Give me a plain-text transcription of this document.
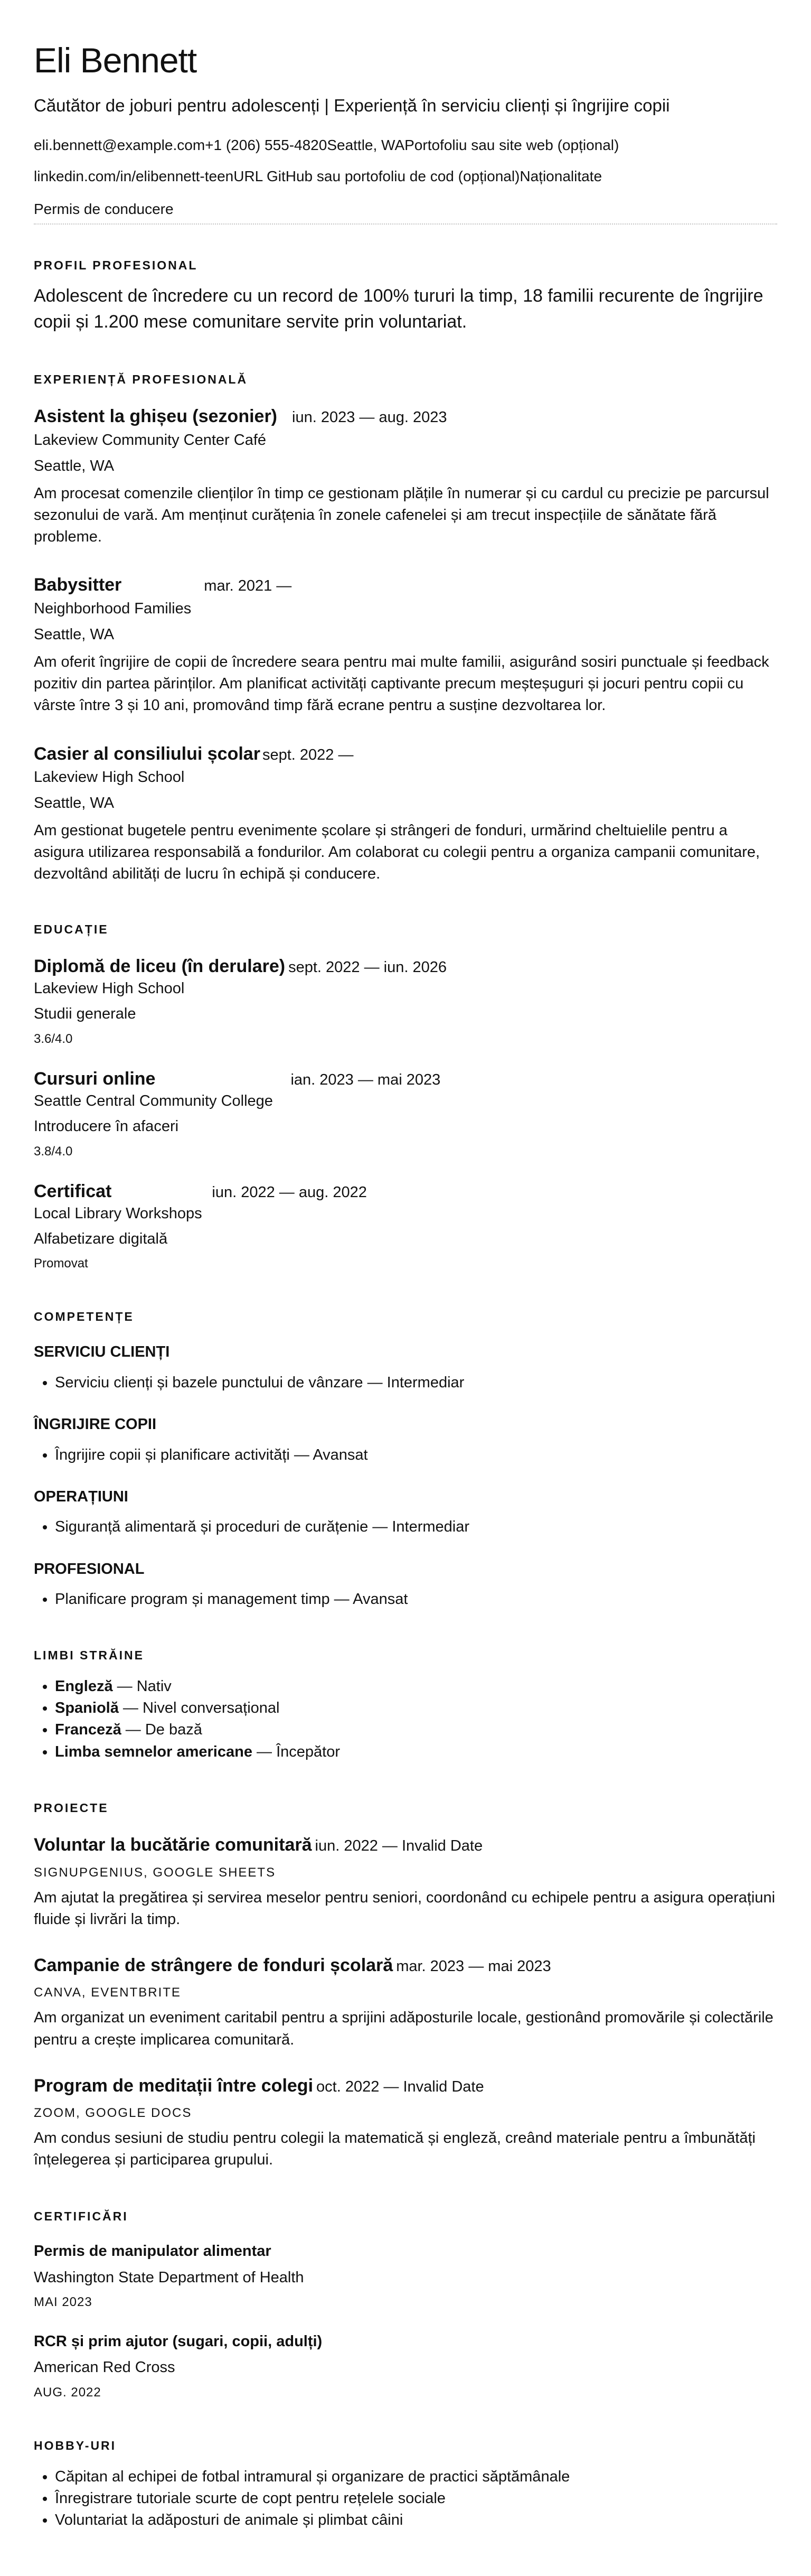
Eli Bennett

Căutător de joburi pentru adolescenți | Experiență în serviciu clienți și îngrijire copii

eli.bennett@example.com+1 (206) 555-4820Seattle, WAPortofoliu sau site web (opțional)

linkedin.com/in/elibennett-teenURL GitHub sau portofoliu de cod (opțional)Naționalitate

Permis de conducere

PROFIL PROFESIONAL

Adolescent de încredere cu un record de 100% tururi la timp, 18 familii recurente de îngrijire copii și 1.200 mese comunitare servite prin voluntariat.

EXPERIENȚĂ PROFESIONALĂ
Asistent la ghișeu (sezonier) iun. 2023 — aug. 2023

Lakeview Community Center Café

Seattle, WA

Am procesat comenzile clienților în timp ce gestionam plățile în numerar și cu cardul cu precizie pe parcursul sezonului de vară. Am menținut curățenia în zonele cafenelei și am trecut inspecțiile de sănătate fără probleme.

Babysitter	mar. 2021 —

Neighborhood Families

Seattle, WA

Am oferit îngrijire de copii de încredere seara pentru mai multe familii, asigurând sosiri punctuale și feedback pozitiv din partea părinților. Am planificat activități captivante precum meșteșuguri și jocuri pentru copii cu vârste între 3 și 10 ani, promovând timp fără ecrane pentru a susține dezvoltarea lor.

Casier al consiliului școlar sept. 2022 —

Lakeview High School

Seattle, WA

Am gestionat bugetele pentru evenimente școlare și strângeri de fonduri, urmărind cheltuielile pentru a asigura utilizarea responsabilă a fondurilor. Am colaborat cu colegii pentru a organiza campanii comunitare, dezvoltând abilități de lucru în echipă și conducere.

EDUCAȚIE
Diplomă de liceu (în derulare) sept. 2022 — iun. 2026

Lakeview High School

Studii generale

3.6/4.0

Cursuri online	ian. 2023 — mai 2023

Seattle Central Community College

Introducere în afaceri

3.8/4.0

Certificat	iun. 2022 — aug. 2022

Local Library Workshops

Alfabetizare digitală

Promovat

COMPETENȚE

SERVICIU CLIENȚI

• Serviciu clienți și bazele punctului de vânzare — Intermediar

ÎNGRIJIRE COPII

• Îngrijire copii și planificare activități — Avansat

OPERAȚIUNI

• Siguranță alimentară și proceduri de curățenie — Intermediar

PROFESIONAL

• Planificare program și management timp — Avansat
LIMBI STRĂINE
• Engleză — Nativ
• Spaniolă — Nivel conversațional
• Franceză — De bază
• Limba semnelor americane — Începător
PROIECTE
Voluntar la bucătărie comunitară iun. 2022 — Invalid Date

SIGNUPGENIUS, GOOGLE SHEETS

Am ajutat la pregătirea și servirea meselor pentru seniori, coordonând cu echipele pentru a asigura operațiuni fluide și livrări la timp.

Campanie de strângere de fonduri școlară mar. 2023 — mai 2023

CANVA, EVENTBRITE

Am organizat un eveniment caritabil pentru a sprijini adăposturile locale, gestionând promovările și colectările pentru a crește implicarea comunitară.

Program de meditații între colegi oct. 2022 — Invalid Date

ZOOM, GOOGLE DOCS

Am condus sesiuni de studiu pentru colegii la matematică și engleză, creând materiale pentru a îmbunătăți înțelegerea și participarea grupului.

CERTIFICĂRI

Permis de manipulator alimentar

Washington State Department of Health

MAI 2023

RCR și prim ajutor (sugari, copii, adulți)

American Red Cross

AUG. 2022

HOBBY-URI
• Căpitan al echipei de fotbal intramural și organizare de practici săptămânale
• Înregistrare tutoriale scurte de copt pentru rețelele sociale
• Voluntariat la adăposturi de animale și plimbat câini
